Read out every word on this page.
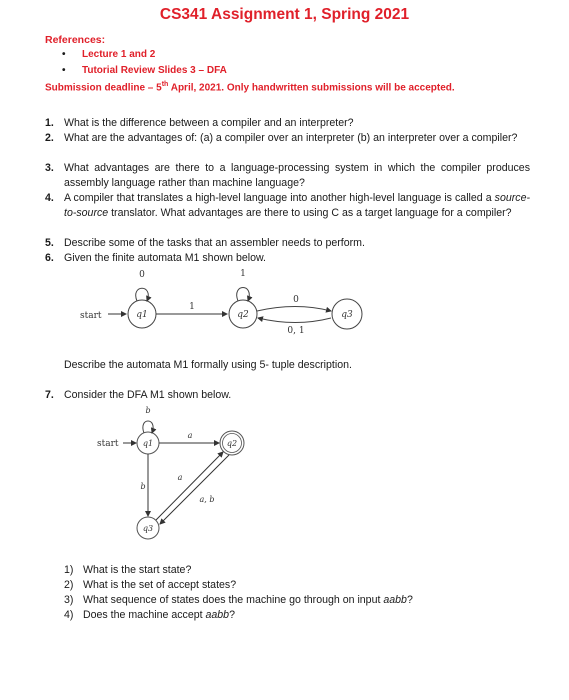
CS341 Assignment 1, Spring 2021
References:
• Lecture 1 and 2
• Tutorial Review Slides 3 – DFA
Submission deadline – 5th April, 2021. Only handwritten submissions will be accepted.
1. What is the difference between a compiler and an interpreter?
2. What are the advantages of: (a) a compiler over an interpreter (b) an interpreter over a compiler?
3. What advantages are there to a language-processing system in which the compiler produces assembly language rather than machine language?
4. A compiler that translates a high-level language into another high-level language is called a source-to-source translator. What advantages are there to using C as a target language for a compiler?
5. Describe some of the tasks that an assembler needs to perform.
6. Given the finite automata M1 shown below.
start	q1
0
1
q2
1
0
0, 1
q3
start	q1
b
a
q2
b
q3
a
a, b
Describe the automata M1 formally using 5- tuple description.
7. Consider the DFA M1 shown below.
1) What is the start state?
2) What is the set of accept states?
3) What sequence of states does the machine go through on input aabb?
4) Does the machine accept aabb?
